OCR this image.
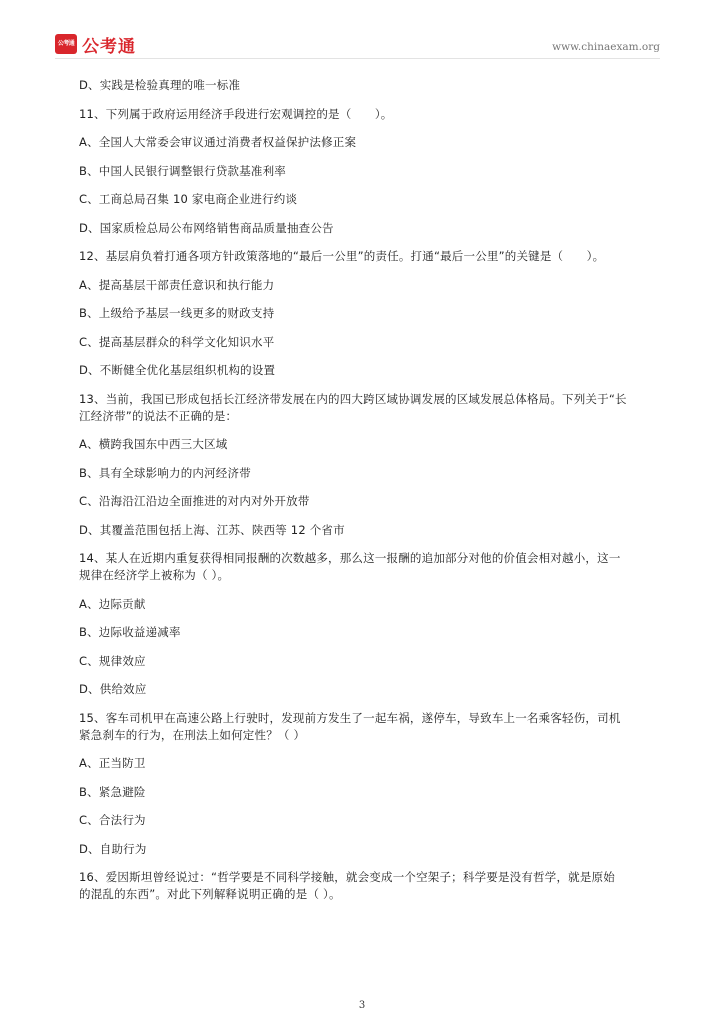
公考通 公考通	www.chinaexam.org

D、实践是检验真理的唯一标准

11、下列属于政府运用经济手段进行宏观调控的是（　　）。

A、全国人大常委会审议通过消费者权益保护法修正案

B、中国人民银行调整银行贷款基准利率

C、工商总局召集 10 家电商企业进行约谈

D、国家质检总局公布网络销售商品质量抽查公告

12、基层肩负着打通各项方针政策落地的“最后一公里”的责任。打通“最后一公里”的关键是（　　）。

A、提高基层干部责任意识和执行能力

B、上级给予基层一线更多的财政支持

C、提高基层群众的科学文化知识水平

D、不断健全优化基层组织机构的设置

13、当前，我国已形成包括长江经济带发展在内的四大跨区域协调发展的区域发展总体格局。下列关于“长

江经济带”的说法不正确的是：

A、横跨我国东中西三大区域

B、具有全球影响力的内河经济带

C、沿海沿江沿边全面推进的对内对外开放带

D、其覆盖范围包括上海、江苏、陕西等 12 个省市

14、某人在近期内重复获得相同报酬的次数越多，那么这一报酬的追加部分对他的价值会相对越小，这一

规律在经济学上被称为（ ）。

A、边际贡献

B、边际收益递减率

C、规律效应

D、供给效应

15、客车司机甲在高速公路上行驶时，发现前方发生了一起车祸，遂停车，导致车上一名乘客轻伤，司机

紧急刹车的行为，在刑法上如何定性？（ ）

A、正当防卫

B、紧急避险

C、合法行为

D、自助行为

16、爱因斯坦曾经说过：“哲学要是不同科学接触，就会变成一个空架子；科学要是没有哲学，就是原始

的混乱的东西”。对此下列解释说明正确的是（ ）。

3
